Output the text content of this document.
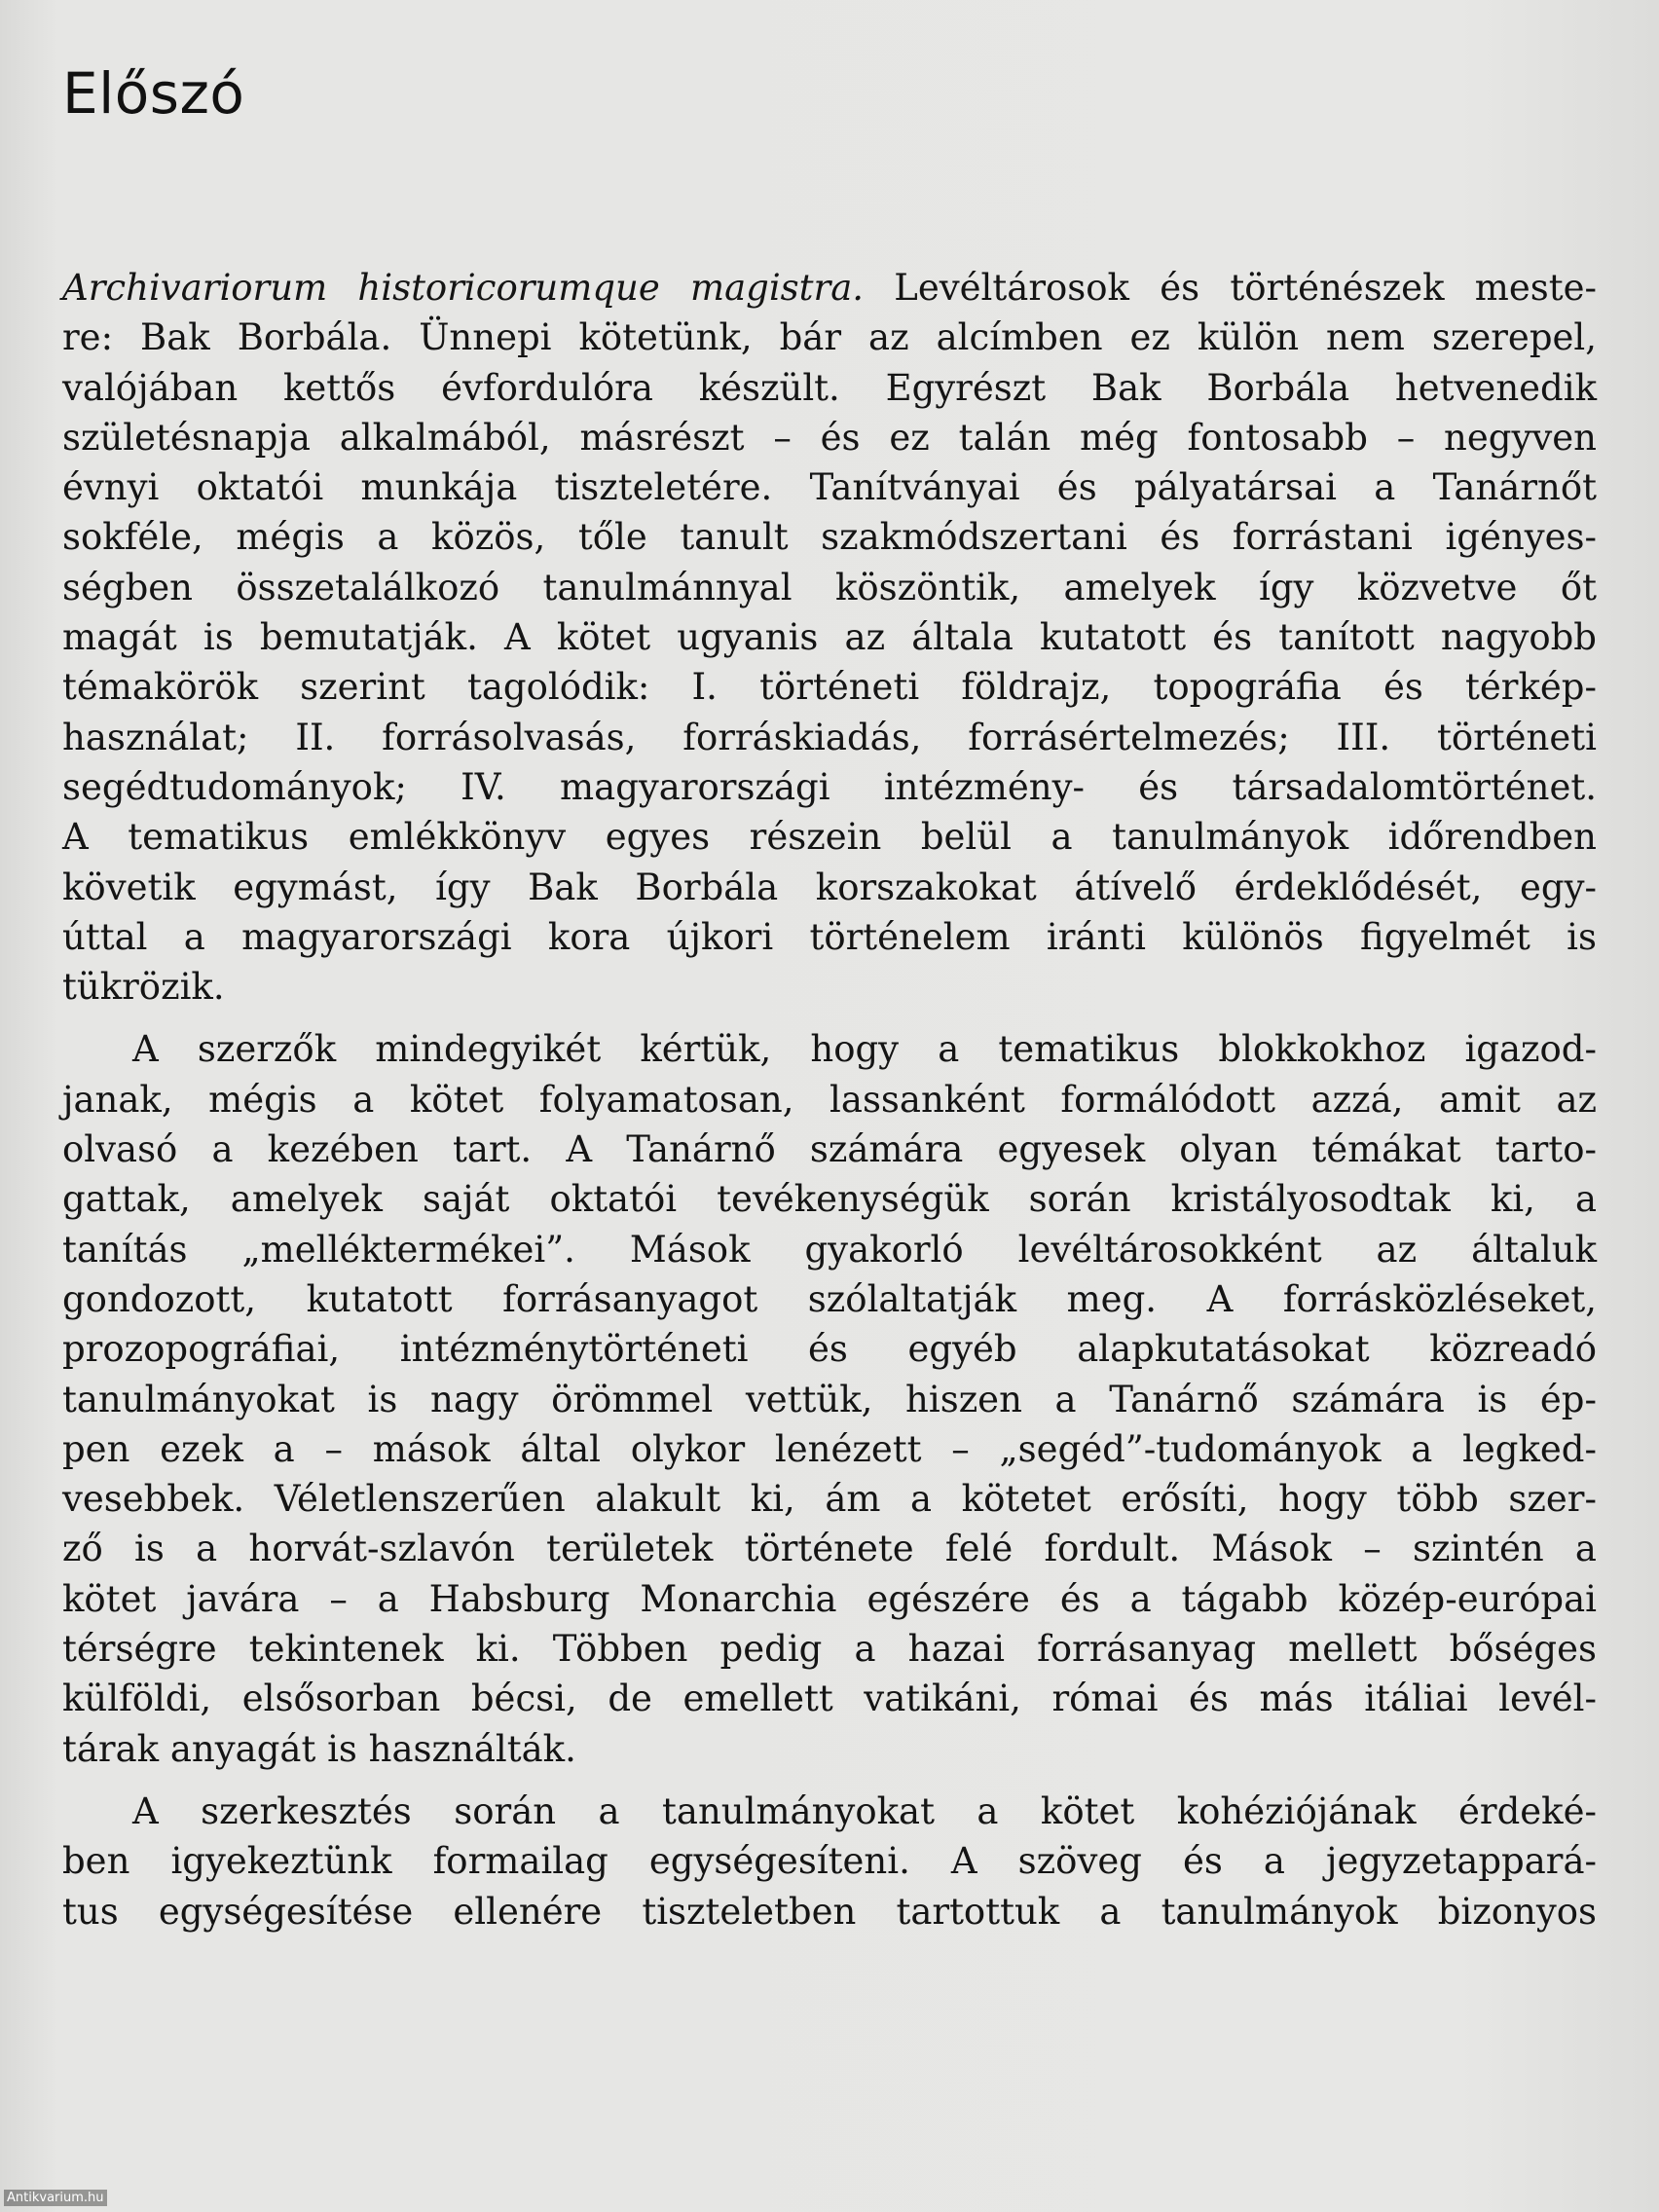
Előszó

Archivariorum historicorumque magistra. Levéltárosok és történészek meste-
re: Bak Borbála. Ünnepi kötetünk, bár az alcímben ez külön nem szerepel,
valójában kettős évfordulóra készült. Egyrészt Bak Borbála hetvenedik
születésnapja alkalmából, másrészt – és ez talán még fontosabb – negyven
évnyi oktatói munkája tiszteletére. Tanítványai és pályatársai a Tanárnőt
sokféle, mégis a közös, tőle tanult szakmódszertani és forrástani igényes-
ségben összetalálkozó tanulmánnyal köszöntik, amelyek így közvetve őt
magát is bemutatják. A kötet ugyanis az általa kutatott és tanított nagyobb
témakörök szerint tagolódik: I. történeti földrajz, topográfia és térkép-
használat; II. forrásolvasás, forráskiadás, forrásértelmezés; III. történeti
segédtudományok; IV. magyarországi intézmény- és társadalomtörténet.
A tematikus emlékkönyv egyes részein belül a tanulmányok időrendben
követik egymást, így Bak Borbála korszakokat átívelő érdeklődését, egy-
úttal a magyarországi kora újkori történelem iránti különös figyelmét is
tükrözik.

A szerzők mindegyikét kértük, hogy a tematikus blokkokhoz igazod-
janak, mégis a kötet folyamatosan, lassanként formálódott azzá, amit az
olvasó a kezében tart. A Tanárnő számára egyesek olyan témákat tarto-
gattak, amelyek saját oktatói tevékenységük során kristályosodtak ki, a
tanítás „melléktermékei”. Mások gyakorló levéltárosokként az általuk
gondozott, kutatott forrásanyagot szólaltatják meg. A forrásközléseket,
prozopográfiai, intézménytörténeti és egyéb alapkutatásokat közreadó
tanulmányokat is nagy örömmel vettük, hiszen a Tanárnő számára is ép-
pen ezek a – mások által olykor lenézett – „segéd”-tudományok a legked-
vesebbek. Véletlenszerűen alakult ki, ám a kötetet erősíti, hogy több szer-
ző is a horvát-szlavón területek története felé fordult. Mások – szintén a
kötet javára – a Habsburg Monarchia egészére és a tágabb közép-európai
térségre tekintenek ki. Többen pedig a hazai forrásanyag mellett bőséges
külföldi, elsősorban bécsi, de emellett vatikáni, római és más itáliai levél-
tárak anyagát is használták.

A szerkesztés során a tanulmányokat a kötet kohéziójának érdeké-
ben igyekeztünk formailag egységesíteni. A szöveg és a jegyzetappará-
tus egységesítése ellenére tiszteletben tartottuk a tanulmányok bizonyos

Antikvarium.hu
